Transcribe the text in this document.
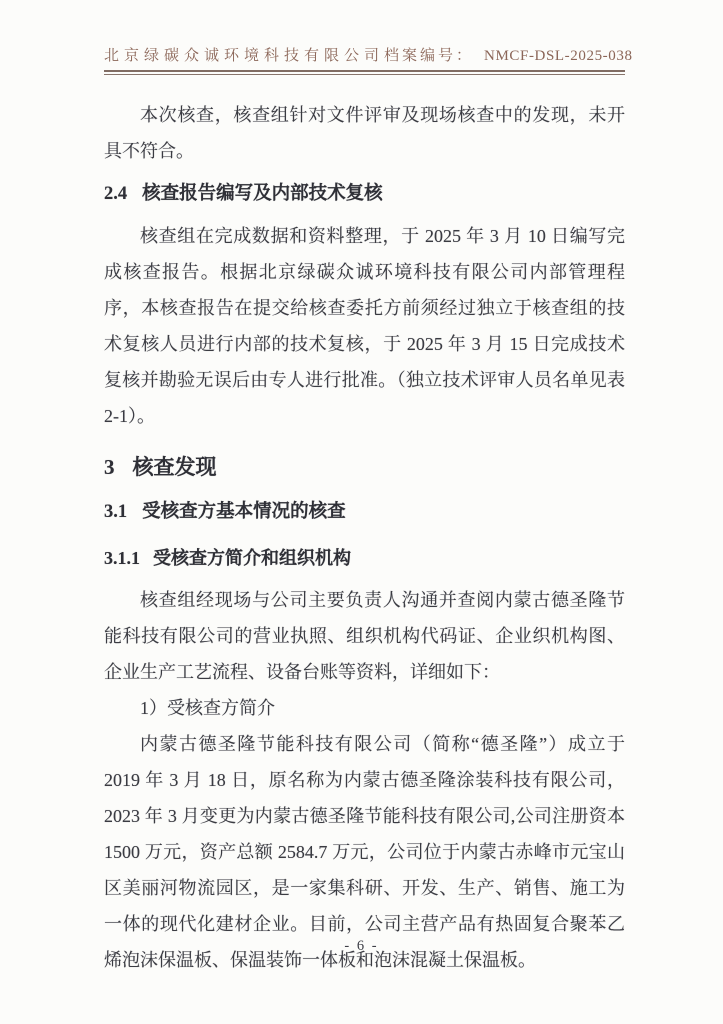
北京绿碳众诚环境科技有限公司 档案编号： NMCF-DSL-2025-038

本次核查，核查组针对文件评审及现场核查中的发现，未开具不符合。

2.4 核查报告编写及内部技术复核

核查组在完成数据和资料整理，于 2025 年 3 月 10 日编写完成核查报告。根据北京绿碳众诚环境科技有限公司内部管理程序，本核查报告在提交给核查委托方前须经过独立于核查组的技术复核人员进行内部的技术复核，于 2025 年 3 月 15 日完成技术复核并勘验无误后由专人进行批准。（独立技术评审人员名单见表 2-1）。

3 核查发现
3.1 受核查方基本情况的核查
3.1.1 受核查方简介和组织机构

核查组经现场与公司主要负责人沟通并查阅内蒙古德圣隆节能科技有限公司的营业执照、组织机构代码证、企业织机构图、企业生产工艺流程、设备台账等资料，详细如下：

1）受核查方简介

内蒙古德圣隆节能科技有限公司（简称“德圣隆”）成立于 2019 年 3 月 18 日，原名称为内蒙古德圣隆涂装科技有限公司，2023 年 3 月变更为内蒙古德圣隆节能科技有限公司,公司注册资本 1500 万元，资产总额 2584.7 万元，公司位于内蒙古赤峰市元宝山区美丽河物流园区，是一家集科研、开发、生产、销售、施工为一体的现代化建材企业。目前，公司主营产品有热固复合聚苯乙烯泡沫保温板、保温装饰一体板和泡沫混凝土保温板。

- 6 -
